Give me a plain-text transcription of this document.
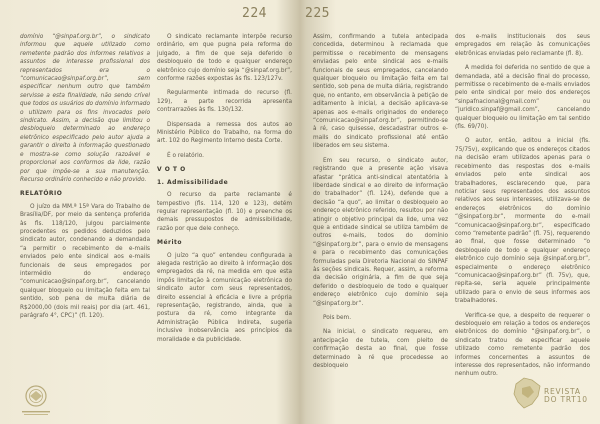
224	225

domínio “@sinpaf.org.br”, o sindicato informou que aquele utilizado como remetente padrão dos informes relativos a assuntos de interesse profissional dos representados era o “comunicacao@sinpaf.org.br”, sem especificar nenhum outro que também servisse a esta finalidade, não sendo crível que todos os usuários do domínio informado o utilizem para os fins invocados pelo sindicato. Assim, a decisão que limitou o desbloqueio determinado ao endereço eletrônico especificado pelo autor ajuda a garantir o direito à informação questionado e mostra-se como solução razoável e proporcional aos conformos da lide, razão por que impõe-se a sua manutenção. Recurso ordinário conhecido e não provido.

RELATÓRIO

O juízo da MM.ª 15ª Vara do Trabalho de Brasília/DF, por meio da sentença proferida às fls. 118/120, julgou parcialmente procedentes os pedidos deduzidos pelo sindicato autor, condenando a demandada “a permitir o recebimento de e-mails enviados pelo ente sindical aos e-mails funcionais de seus empregados por intermédio do endereço “comunicacao@sinpaf.org.br”, cancelando qualquer bloqueio ou limitação feita em tal sentido, sob pena de multa diária de R$2000,00 (dois mil reais) por dia (art. 461, parágrafo 4°, CPC)” (fl. 120).

O sindicato reclamante interpõe recurso ordinário, em que pugna pela reforma do julgado, a fim de que seja deferido o desbloqueio de todo e qualquer endereço eletrônico cujo domínio seja “@sinpaf.org.br”, conforme razões expostas às fls. 123/127v.

Regularmente intimada do recurso (fl. 129), a parte recorrida apresenta contrarrazões às fls. 130/132.

Dispensada a remessa dos autos ao Ministério Público do Trabalho, na forma do art. 102 do Regimento Interno desta Corte.

É o relatório.

V O T O
1. Admissibilidade

O recurso da parte reclamante é tempestivo (fls. 114, 120 e 123), detém regular representação (fl. 10) e preenche os demais pressupostos de admissibilidade, razão por que dele conheço.

Mérito

O juízo “a quo” entendeu configurada a alegada restrição ao direito à informação dos empregados da ré, na medida em que esta impôs limitação à comunicação eletrônica do sindicato autor com seus representados, direito essencial à eficácia e livre a própria representação, registrando, ainda, que a postura da ré, como integrante da Administração Pública Indireta, sugeria inclusive inobservância aos princípios da moralidade e da publicidade.

Assim, confirmando a tutela antecipada concedida, determinou à reclamada que permitisse o recebimento de mensagens enviadas pelo ente sindical aos e-mails funcionais de seus empregados, cancelando qualquer bloqueio ou limitação feita em tal sentido, sob pena de multa diária, registrando que, no entanto, em observância à petição de aditamento à inicial, a decisão aplicava-se apenas aos e-mails originados do endereço “comunicacao@sinpaf.org.br”, permitindo-se à ré, caso quisesse, descadastrar outros e-mails do sindicato profissional até então liberados em seu sistema.

Em seu recurso, o sindicato autor, registrando que a presente ação visava afastar “prática anti-sindical atentatória à liberdade sindical e ao direito de informação do trabalhador” (fl. 124), defende que a decisão “a quo”, ao limitar o desbloqueio ao endereço eletrônico referido, resultou por não atingir o objetivo principal da lide, uma vez que a entidade sindical se utiliza também de outros e-mails, todos do domínio “@sinpaf.org.br”, para o envio de mensagens e para o recebimento das comunicações formuladas pela Diretoria Nacional do SINPAF às seções sindicais. Requer, assim, a reforma da decisão originária, a fim de que seja deferido o desbloqueio de todo e qualquer endereço eletrônico cujo domínio seja “@sinpaf.org.br”.

Pois bem.

Na inicial, o sindicato requereu, em antecipação de tutela, com pleito de confirmação desta ao final, que fosse determinado à ré que procedesse ao desbloqueio

dos e-mails institucionais dos seus empregados em relação às comunicações eletrônicas enviadas pelo reclamante (fl. 8).

A medida foi deferida no sentido de que a demandada, até a decisão final do processo, permitisse o recebimento de e-mails enviados pelo ente sindical por meio dos endereços “sinpafnacional@gmail.com” ou “juridico.sinpaf@gmail.com”, cancelando qualquer bloqueio ou limitação em tal sentido (fls. 69/70).

O autor, então, aditou a inicial (fls. 75/75v), explicando que os endereços citados na decisão eram utilizados apenas para o recebimento das respostas dos e-mails enviados pelo ente sindical aos trabalhadores, esclarecendo que, para noticiar seus representados dos assuntos relativos aos seus interesses, utilizava-se de endereços eletrônicos do domínio “@sinpaf.org.br”, mormente do e-mail “comunicacao@sinpaf.org.br”, especificado como “remetente padrão” (fl. 75), requerendo ao final, que fosse determinado “o desbloqueio de todo e qualquer endereço eletrônico cujo domínio seja @sinpaf.org.br”, especialmente o endereço eletrônico “comunicacao@sinpaf.org.br” (fl. 75v), que, repita-se, seria aquele principalmente utilizado para o envio de seus informes aos trabalhadores.

Verifica-se que, a despeito de requerer o desbloqueio em relação a todos os endereços eletrônicos do domínio “@sinpaf.org.br”, o sindicato tratou de especificar aquele utilizado como remetente padrão dos informes concernentes a assuntos de interesse dos representados, não informando nenhum outro.

REVISTA
DO TRT10
